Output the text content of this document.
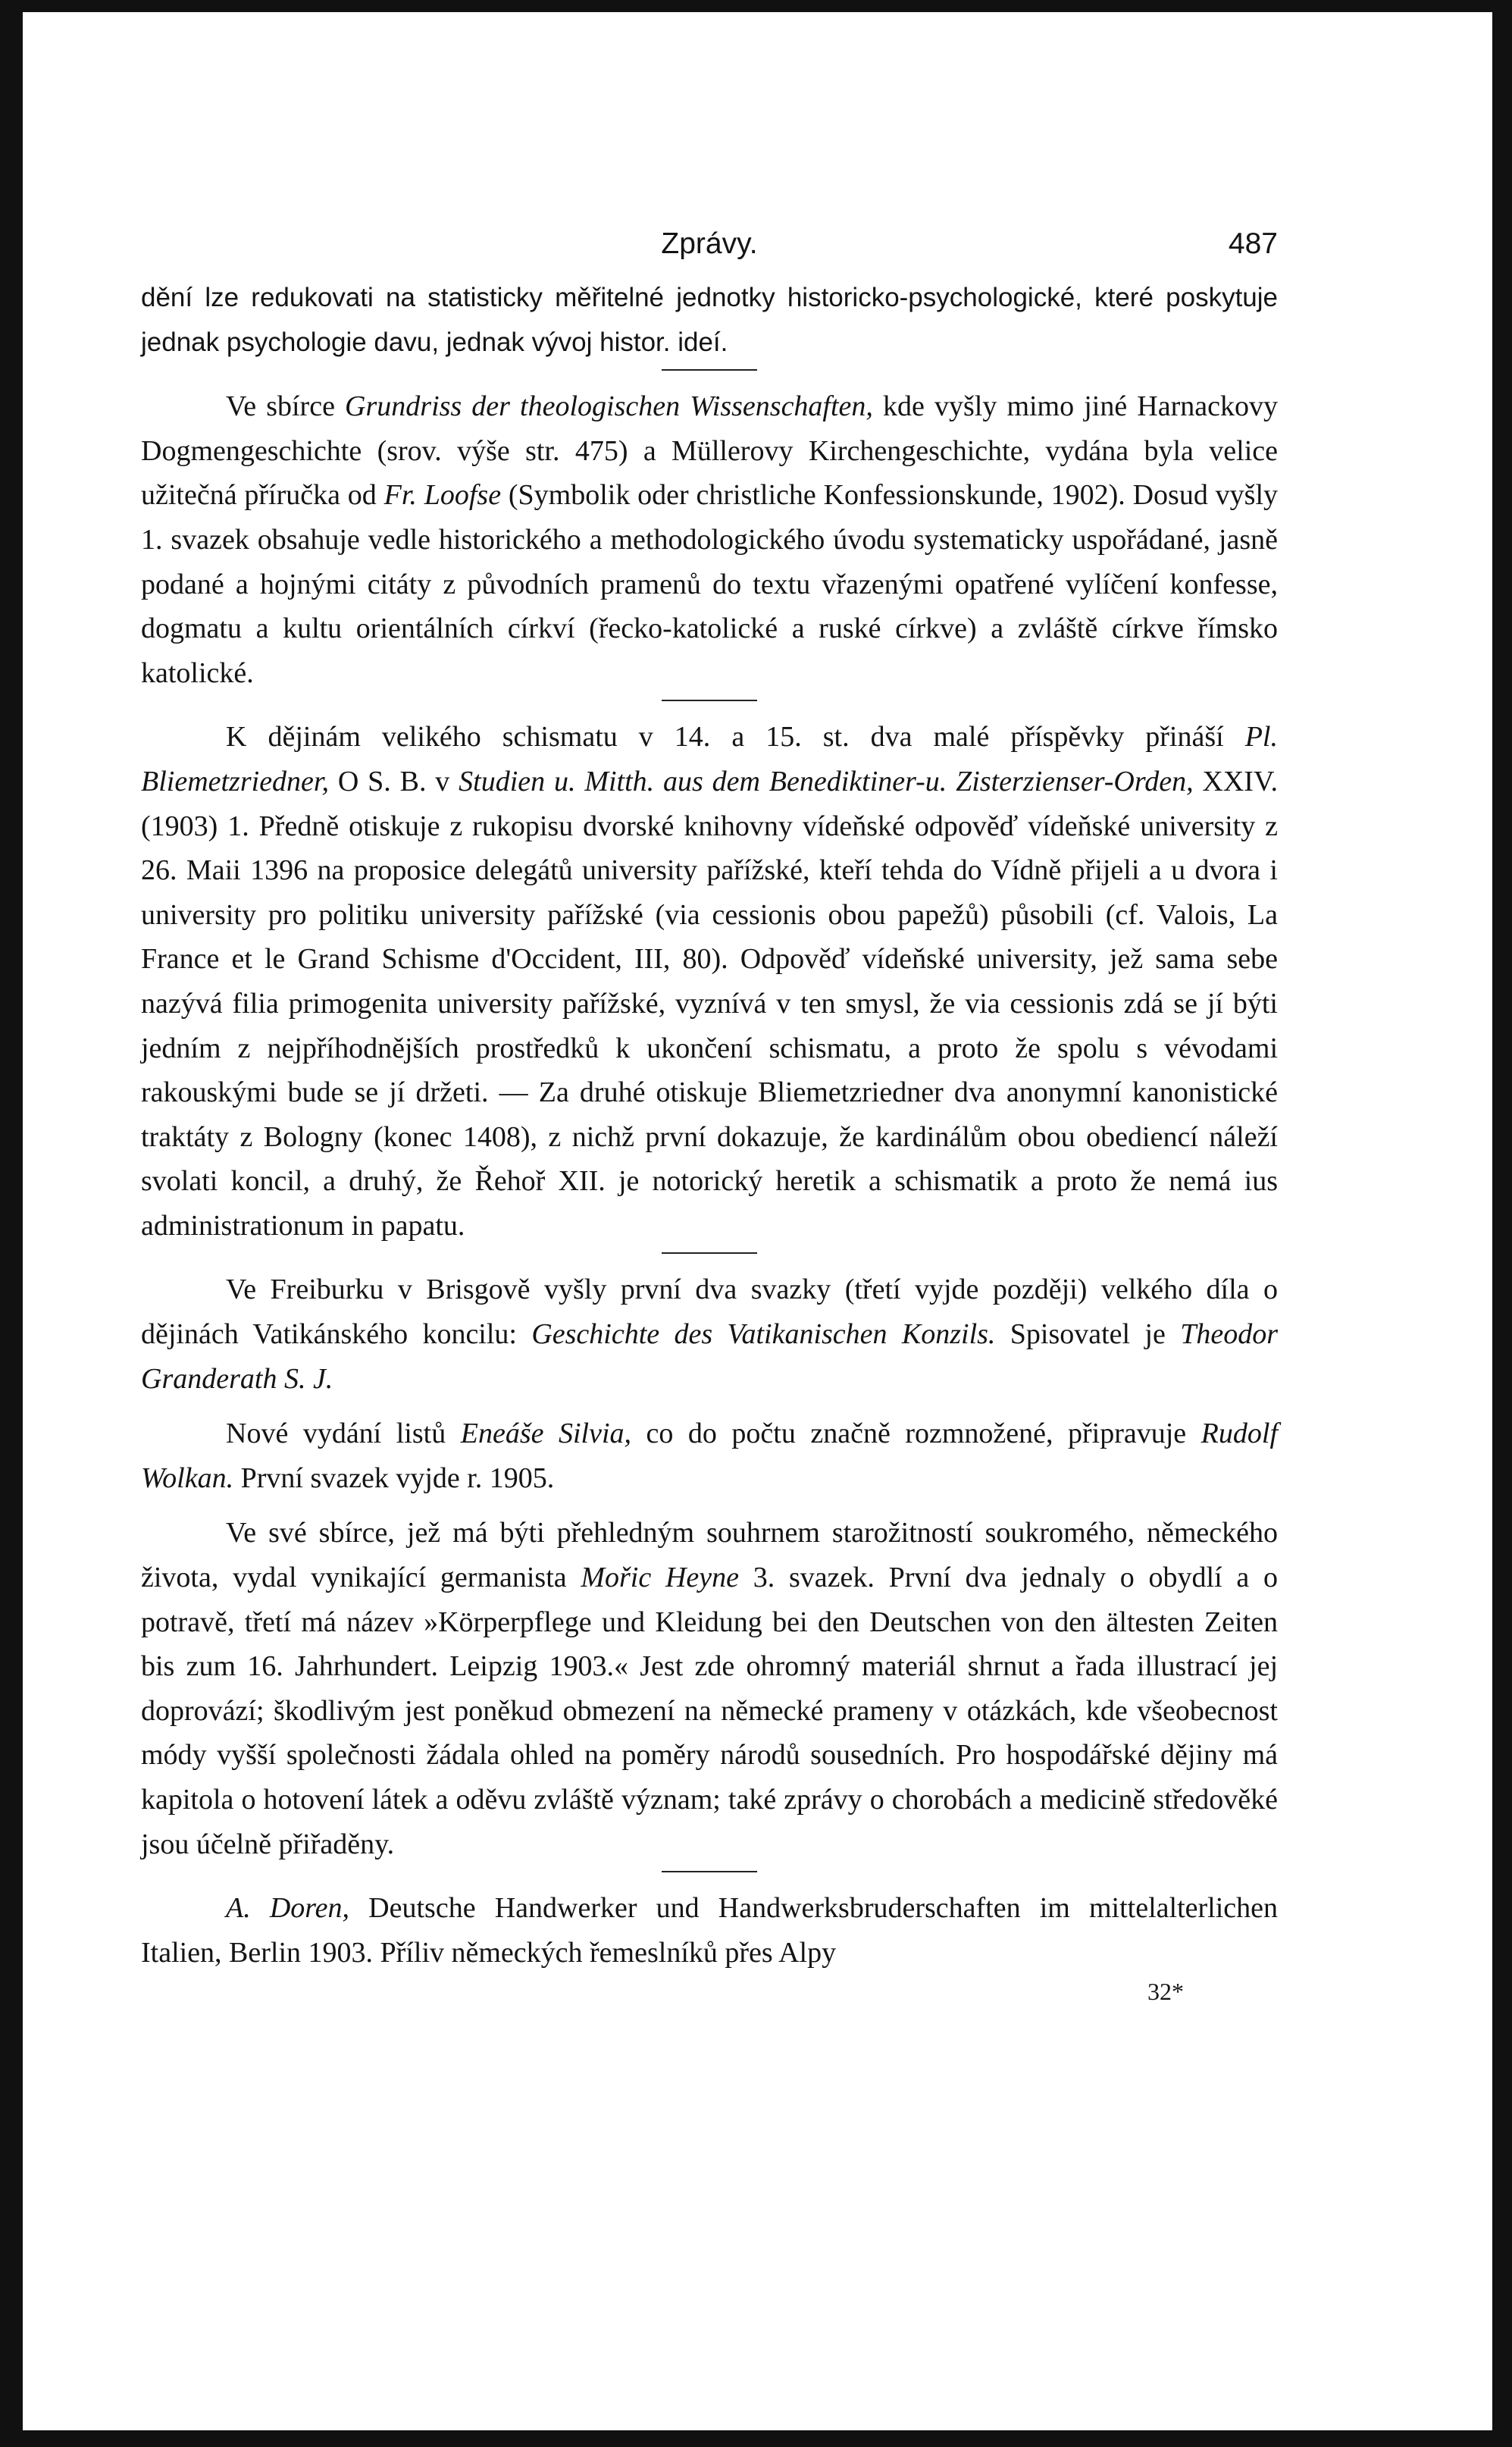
Zprávy.	487

dění lze redukovati na statisticky měřitelné jednotky historicko-psychologické, které poskytuje jednak psychologie davu, jednak vývoj histor. ideí.

Ve sbírce Grundriss der theologischen Wissenschaften, kde vyšly mimo jiné Harnackovy Dogmengeschichte (srov. výše str. 475) a Müllerovy Kirchengeschichte, vydána byla velice užitečná příručka od Fr. Loofse (Symbolik oder christliche Konfessionskunde, 1902). Dosud vyšly 1. svazek obsahuje vedle historického a methodologického úvodu systematicky uspořádané, jasně podané a hojnými citáty z původních pramenů do textu vřazenými opatřené vylíčení konfesse, dogmatu a kultu orientálních církví (řecko-katolické a ruské církve) a zvláště církve římsko katolické.

K dějinám velikého schismatu v 14. a 15. st. dva malé příspěvky přináší Pl. Bliemetzriedner, O S. B. v Studien u. Mitth. aus dem Benediktiner-u. Zisterzienser-Orden, XXIV. (1903) 1. Předně otiskuje z rukopisu dvorské knihovny vídeňské odpověď vídeňské university z 26. Maii 1396 na proposice delegátů university pařížské, kteří tehda do Vídně přijeli a u dvora i university pro politiku university pařížské (via cessionis obou papežů) působili (cf. Valois, La France et le Grand Schisme d'Occident, III, 80). Odpověď vídeňské university, jež sama sebe nazývá filia primogenita university pařížské, vyznívá v ten smysl, že via cessionis zdá se jí býti jedním z nejpříhodnějších prostředků k ukončení schismatu, a proto že spolu s vévodami rakouskými bude se jí držeti. — Za druhé otiskuje Bliemetzriedner dva anonymní kanonistické traktáty z Bologny (konec 1408), z nichž první dokazuje, že kardinálům obou obediencí náleží svolati koncil, a druhý, že Řehoř XII. je notorický heretik a schismatik a proto že nemá ius administrationum in papatu.

Ve Freiburku v Brisgově vyšly první dva svazky (třetí vyjde později) velkého díla o dějinách Vatikánského koncilu: Geschichte des Vatikanischen Konzils. Spisovatel je Theodor Granderath S. J.

Nové vydání listů Eneáše Silvia, co do počtu značně rozmnožené, připravuje Rudolf Wolkan. První svazek vyjde r. 1905.

Ve své sbírce, jež má býti přehledným souhrnem starožitností soukromého, německého života, vydal vynikající germanista Mořic Heyne 3. svazek. První dva jednaly o obydlí a o potravě, třetí má název »Körperpflege und Kleidung bei den Deutschen von den ältesten Zeiten bis zum 16. Jahrhundert. Leipzig 1903.« Jest zde ohromný materiál shrnut a řada illustrací jej doprovází; škodlivým jest poněkud obmezení na německé prameny v otázkách, kde všeobecnost módy vyšší společnosti žádala ohled na poměry národů sousedních. Pro hospodářské dějiny má kapitola o hotovení látek a oděvu zvláště význam; také zprávy o chorobách a medicině středověké jsou účelně přiřaděny.

A. Doren, Deutsche Handwerker und Handwerksbruderschaften im mittelalterlichen Italien, Berlin 1903. Příliv německých řemeslníků přes Alpy

32*
